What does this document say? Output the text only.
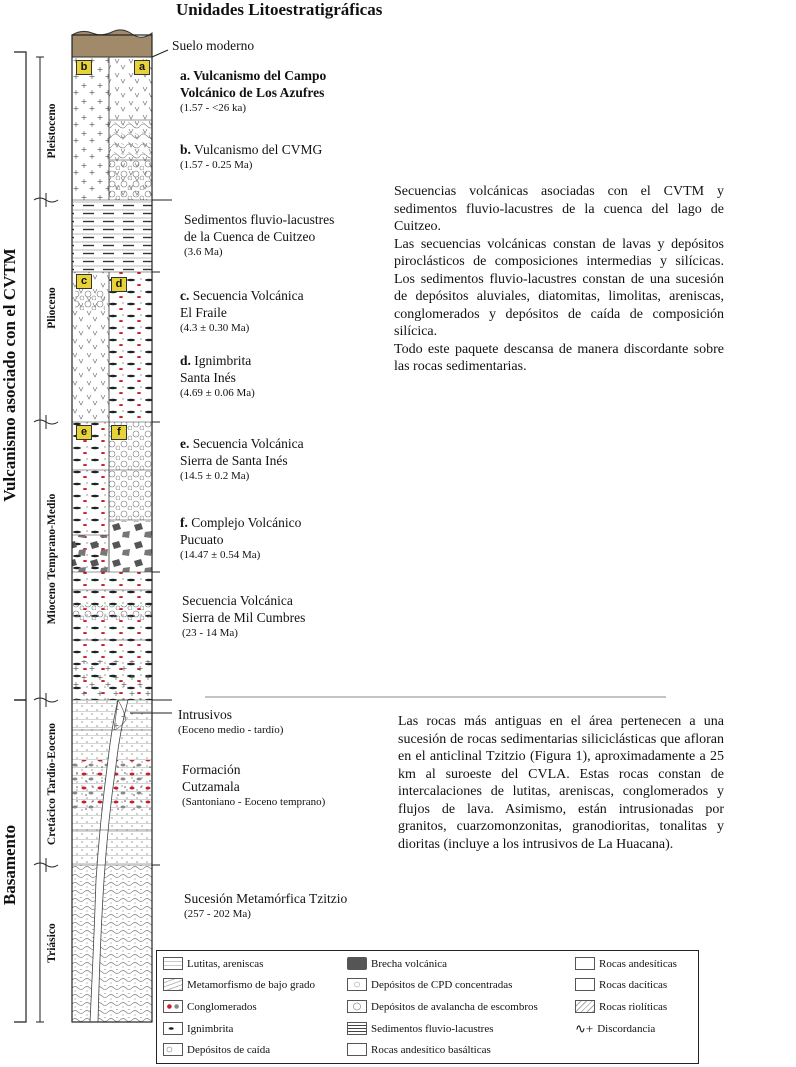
Unidades Litoestratigráficas
b	a
c	d
e	f
Vulcanismo asociado con el CVTM
Basamento
Pleistoceno
Plioceno
Mioceno Temprano-Medio
Cretácico Tardío-Eoceno
Triásico
Suelo moderno
a. Vulcanismo del Campo
Volcánico de Los Azufres
(1.57 - <26 ka)
b. Vulcanismo del CVMG
(1.57 - 0.25 Ma)
Sedimentos fluvio-lacustres
de la Cuenca de Cuitzeo
(3.6 Ma)
c. Secuencia Volcánica
El Fraile
(4.3 ± 0.30 Ma)
d. Ignimbrita
Santa Inés
(4.69 ± 0.06 Ma)
e. Secuencia Volcánica
Sierra de Santa Inés
(14.5 ± 0.2 Ma)
f. Complejo Volcánico
Pucuato
(14.47 ± 0.54 Ma)
Secuencia Volcánica
Sierra de Mil Cumbres
(23 - 14 Ma)
Intrusivos
(Eoceno medio - tardío)
Formación
Cutzamala
(Santoniano - Eoceno temprano)
Sucesión Metamórfica Tzitzio
(257 - 202 Ma)

Secuencias volcánicas asociadas con el CVTM y sedimentos fluvio-lacustres de la cuenca del lago de Cuitzeo.

Las secuencias volcánicas constan de lavas y depósitos piroclásticos de composiciones intermedias y silícicas. Los sedimentos fluvio-lacustres constan de una sucesión de depósitos aluviales, diatomitas, limolitas, areniscas, conglomerados y depósitos de caída de composición silícica.

Todo este paquete descansa de manera discordante sobre las rocas sedimentarias.

Las rocas más antiguas en el área pertenecen a una sucesión de rocas sedimentarias siliciclásticas que afloran en el anticlinal Tzitzio (Figura 1), aproximadamente a 25 km al suroeste del CVLA. Estas rocas constan de intercalaciones de lutitas, areniscas, conglomerados y flujos de lava. Asimismo, están intrusionadas por granitos, cuarzomonzonitas, granodioritas, tonalitas y dioritas (incluye a los intrusivos de La Huacana).

Lutitas, areniscas
Metamorfismo de bajo grado
Conglomerados
Ignimbrita
Depósitos de caída
Brecha volcánica
Depósitos de CPD concentradas
Depósitos de avalancha de escombros
Sedimentos fluvio-lacustres
Rocas andesítico basálticas
Rocas andesíticas
Rocas dacíticas
Rocas riolíticas
∿+ Discordancia
